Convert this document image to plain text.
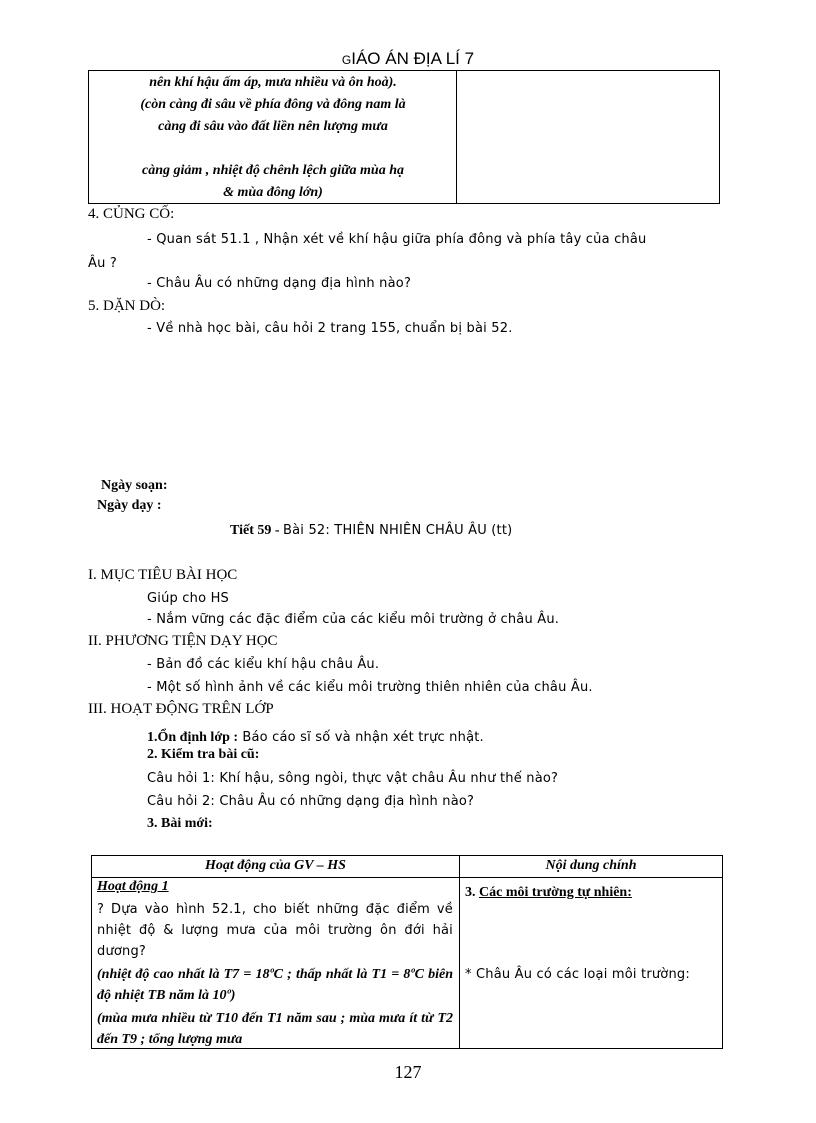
GIÁO ÁN ĐỊA LÍ 7
nên khí hậu ấm áp, mưa nhiều và ôn hoà).
(còn càng đi sâu về phía đông và đông nam là
càng đi sâu vào đất liền nên lượng mưa
càng giảm , nhiệt độ chênh lệch giữa mùa hạ
& mùa đông lớn)
4. CỦNG CỐ:
- Quan sát 51.1 , Nhận xét về khí hậu giữa phía đông và phía tây của châu
Âu ?
- Châu Âu có những dạng địa hình nào?
5. DẶN DÒ:
- Về nhà học bài, câu hỏi 2 trang 155, chuẩn bị bài 52.
Ngày soạn:
Ngày dạy :
Tiết 59 - Bài 52: THIÊN NHIÊN CHÂU ÂU (tt)
I. MỤC TIÊU BÀI HỌC
Giúp cho HS
- Nắm vững các đặc điểm của các kiểu môi trường ở châu Âu.
II. PHƯƠNG TIỆN DẠY HỌC
- Bản đồ các kiểu khí hậu châu Âu.
- Một số hình ảnh về các kiểu môi trường thiên nhiên của châu Âu.
III. HOẠT ĐỘNG TRÊN LỚP
1.Ổn định lớp : Báo cáo sĩ số và nhận xét trực nhật.
2. Kiểm tra bài cũ:
Câu hỏi 1: Khí hậu, sông ngòi, thực vật châu Âu như thế nào?
Câu hỏi 2: Châu Âu có những dạng địa hình nào?
3. Bài mới:
Hoạt động của GV – HS	Nội dung chính
Hoạt động 1
? Dựa vào hình 52.1, cho biết những đặc điểm về nhiệt độ & lượng mưa của môi trường ôn đới hải dương?
(nhiệt độ cao nhất là T7 = 18ºC ; thấp nhất là T1 = 8ºC biên độ nhiệt TB năm là 10º)
(mùa mưa nhiều từ T10 đến T1 năm sau ; mùa mưa ít từ T2 đến T9 ; tổng lượng mưa
3. Các môi trường tự nhiên:
* Châu Âu có các loại môi trường:
127
